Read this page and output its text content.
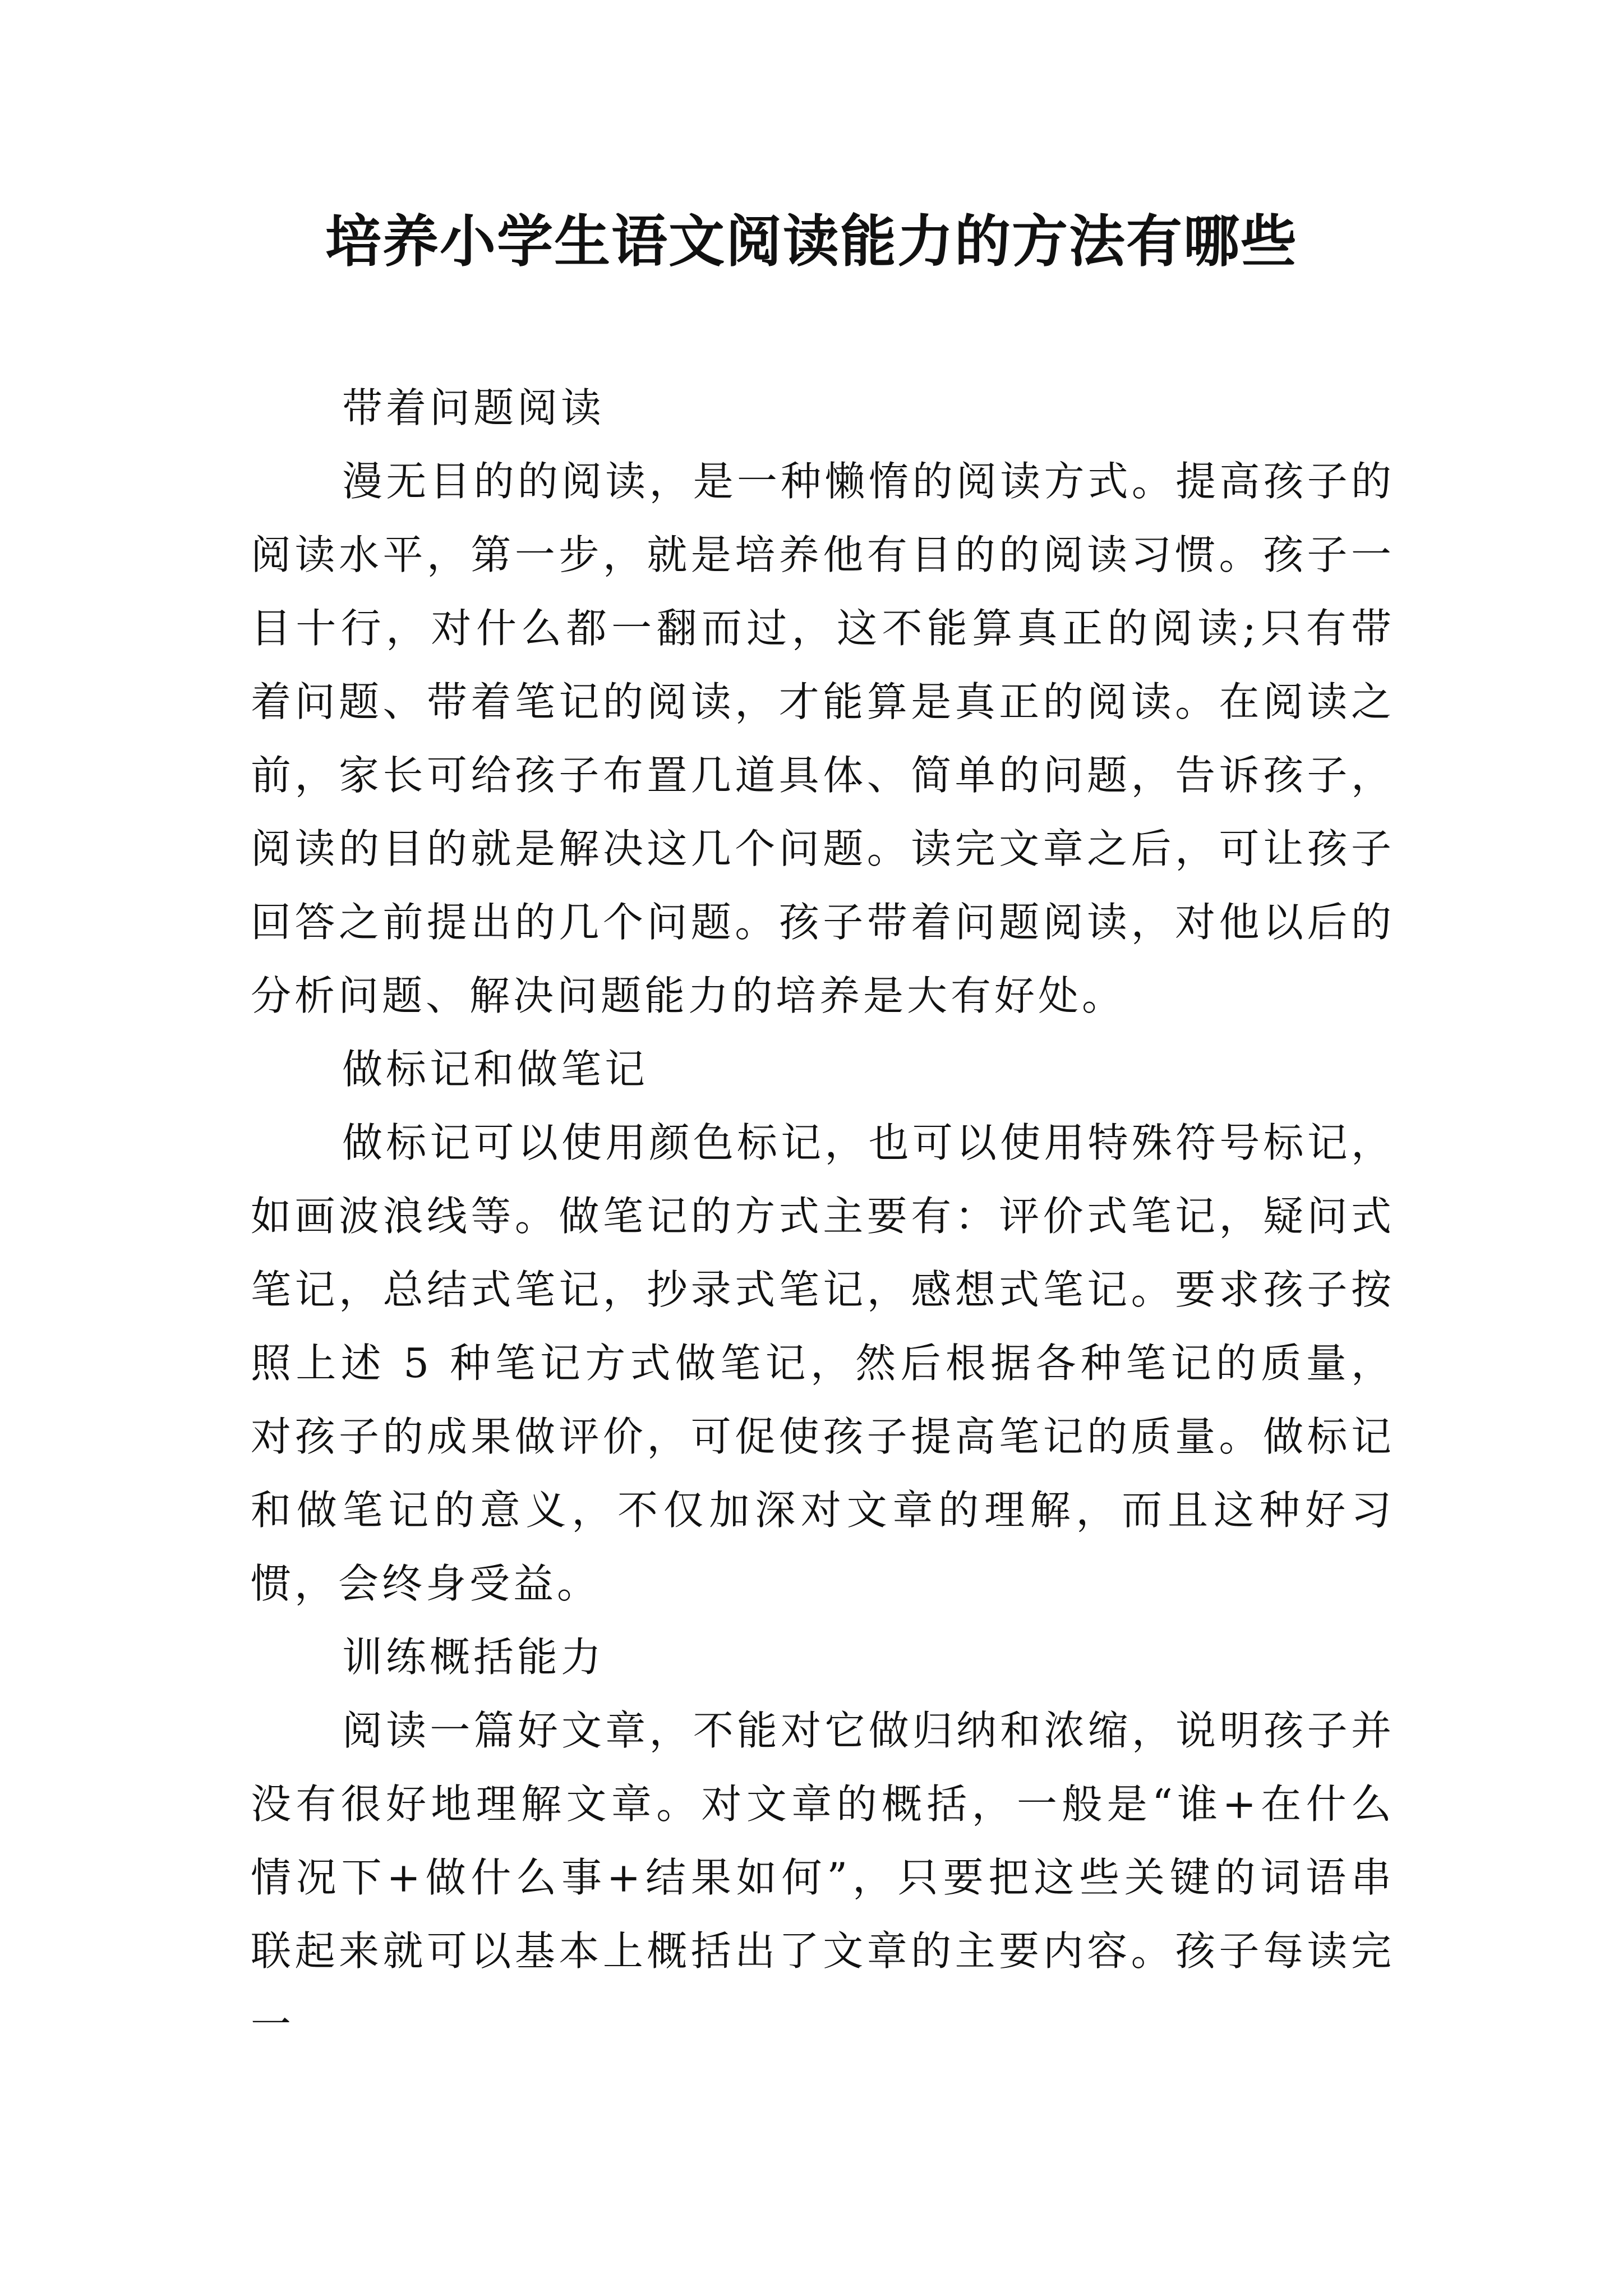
培养小学生语文阅读能力的方法有哪些

带着问题阅读

漫无目的的阅读，是一种懒惰的阅读方式。提高孩子的阅读水平，第一步，就是培养他有目的的阅读习惯。孩子一目十行，对什么都一翻而过，这不能算真正的阅读;只有带着问题、带着笔记的阅读，才能算是真正的阅读。在阅读之前，家长可给孩子布置几道具体、简单的问题，告诉孩子，阅读的目的就是解决这几个问题。读完文章之后，可让孩子回答之前提出的几个问题。孩子带着问题阅读，对他以后的分析问题、解决问题能力的培养是大有好处。

做标记和做笔记

做标记可以使用颜色标记，也可以使用特殊符号标记，如画波浪线等。做笔记的方式主要有：评价式笔记，疑问式笔记，总结式笔记，抄录式笔记，感想式笔记。要求孩子按照上述 5 种笔记方式做笔记，然后根据各种笔记的质量，对孩子的成果做评价，可促使孩子提高笔记的质量。做标记和做笔记的意义，不仅加深对文章的理解，而且这种好习惯，会终身受益。

训练概括能力

阅读一篇好文章，不能对它做归纳和浓缩，说明孩子并没有很好地理解文章。对文章的概括，一般是“谁+在什么情况下+做什么事+结果如何”，只要把这些关键的词语串联起来就可以基本上概括出了文章的主要内容。孩子每读完一
